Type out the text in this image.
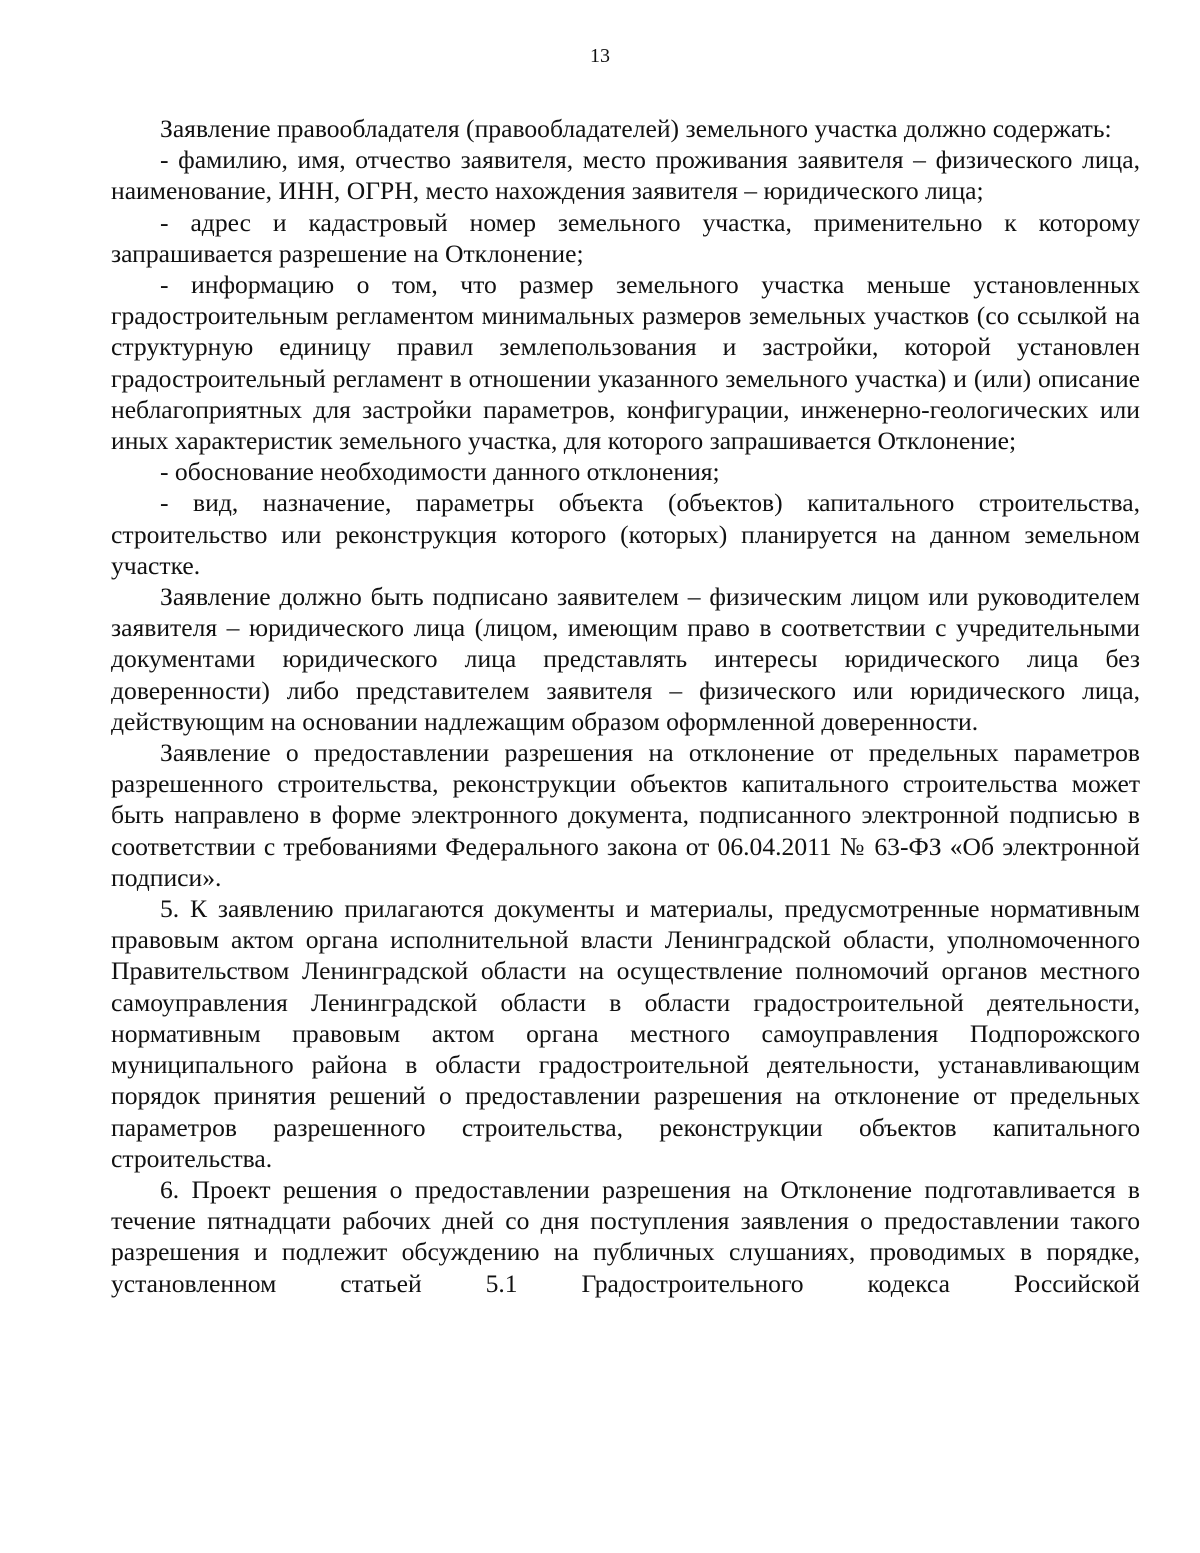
13

Заявление правообладателя (правообладателей) земельного участка должно содержать:

- фамилию, имя, отчество заявителя, место проживания заявителя – физического лица, наименование, ИНН, ОГРН, место нахождения заявителя – юридического лица;

- адрес и кадастровый номер земельного участка, применительно к которому запрашивается разрешение на Отклонение;

- информацию о том, что размер земельного участка меньше установленных градостроительным регламентом минимальных размеров земельных участков (со ссылкой на структурную единицу правил землепользования и застройки, которой установлен градостроительный регламент в отношении указанного земельного участка) и (или) описание неблагоприятных для застройки параметров, конфигурации, инженерно-геологических или иных характеристик земельного участка, для которого запрашивается Отклонение;

- обоснование необходимости данного отклонения;

- вид, назначение, параметры объекта (объектов) капитального строительства, строительство или реконструкция которого (которых) планируется на данном земельном участке.

Заявление должно быть подписано заявителем – физическим лицом или руководителем заявителя – юридического лица (лицом, имеющим право в соответствии с учредительными документами юридического лица представлять интересы юридического лица без доверенности) либо представителем заявителя – физического или юридического лица, действующим на основании надлежащим образом оформленной доверенности.

Заявление о предоставлении разрешения на отклонение от предельных параметров разрешенного строительства, реконструкции объектов капитального строительства может быть направлено в форме электронного документа, подписанного электронной подписью в соответствии с требованиями Федерального закона от 06.04.2011 № 63-ФЗ «Об электронной подписи».

5. К заявлению прилагаются документы и материалы, предусмотренные нормативным правовым актом органа исполнительной власти Ленинградской области, уполномоченного Правительством Ленинградской области на осуществление полномочий органов местного самоуправления Ленинградской области в области градостроительной деятельности, нормативным правовым актом органа местного самоуправления Подпорожского муниципального района в области градостроительной деятельности, устанавливающим порядок принятия решений о предоставлении разрешения на отклонение от предельных параметров разрешенного строительства, реконструкции объектов капитального строительства.

6. Проект решения о предоставлении разрешения на Отклонение подготавливается в течение пятнадцати рабочих дней со дня поступления заявления о предоставлении такого разрешения и подлежит обсуждению на публичных слушаниях, проводимых в порядке, установленном статьей 5.1 Градостроительного кодекса Российской
